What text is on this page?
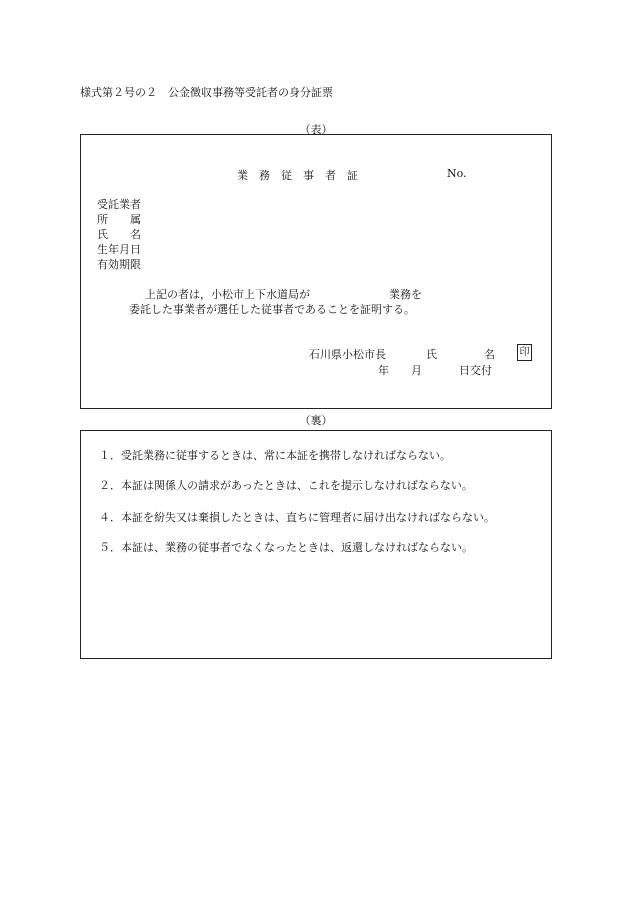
様式第２号の２　公金徴収事務等受託者の身分証票
（表）
業務従事者証	No.
受託業者
所　　属
氏　　名
生年月日
有効期限
上記の者は，小松市上下水道局が	業務を
委託した事業者が選任した従事者であることを証明する。
石川県小松市長	氏	名 印
年 月	日交付
（裏）
１．受託業務に従事するときは、常に本証を携帯しなければならない。
２．本証は関係人の請求があったときは、これを提示しなければならない。
４．本証を紛失又は棄損したときは、直ちに管理者に届け出なければならない。
５．本証は、業務の従事者でなくなったときは、返還しなければならない。
